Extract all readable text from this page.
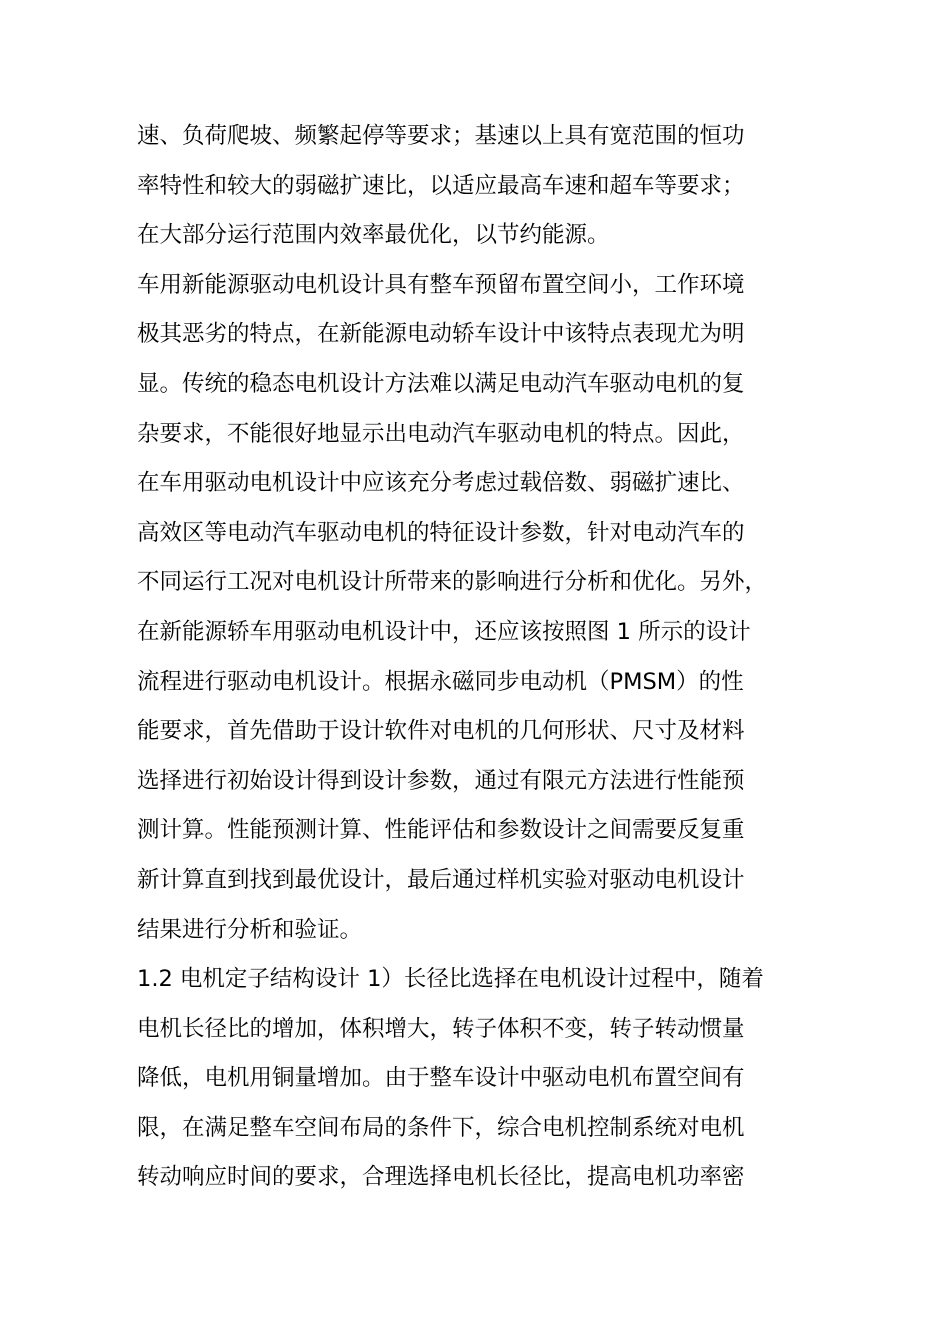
速、负荷爬坡、频繁起停等要求；基速以上具有宽范围的恒功
率特性和较大的弱磁扩速比，以适应最高车速和超车等要求；
在大部分运行范围内效率最优化，以节约能源。
车用新能源驱动电机设计具有整车预留布置空间小，工作环境
极其恶劣的特点，在新能源电动轿车设计中该特点表现尤为明
显。传统的稳态电机设计方法难以满足电动汽车驱动电机的复
杂要求，不能很好地显示出电动汽车驱动电机的特点。因此，
在车用驱动电机设计中应该充分考虑过载倍数、弱磁扩速比、
高效区等电动汽车驱动电机的特征设计参数，针对电动汽车的
不同运行工况对电机设计所带来的影响进行分析和优化。另外，
在新能源轿车用驱动电机设计中，还应该按照图 1 所示的设计
流程进行驱动电机设计。根据永磁同步电动机（PMSM）的性
能要求，首先借助于设计软件对电机的几何形状、尺寸及材料
选择进行初始设计得到设计参数，通过有限元方法进行性能预
测计算。性能预测计算、性能评估和参数设计之间需要反复重
新计算直到找到最优设计，最后通过样机实验对驱动电机设计
结果进行分析和验证。
1.2 电机定子结构设计 1）长径比选择在电机设计过程中，随着
电机长径比的增加，体积增大，转子体积不变，转子转动惯量
降低，电机用铜量增加。由于整车设计中驱动电机布置空间有
限，在满足整车空间布局的条件下，综合电机控制系统对电机
转动响应时间的要求，合理选择电机长径比，提高电机功率密
